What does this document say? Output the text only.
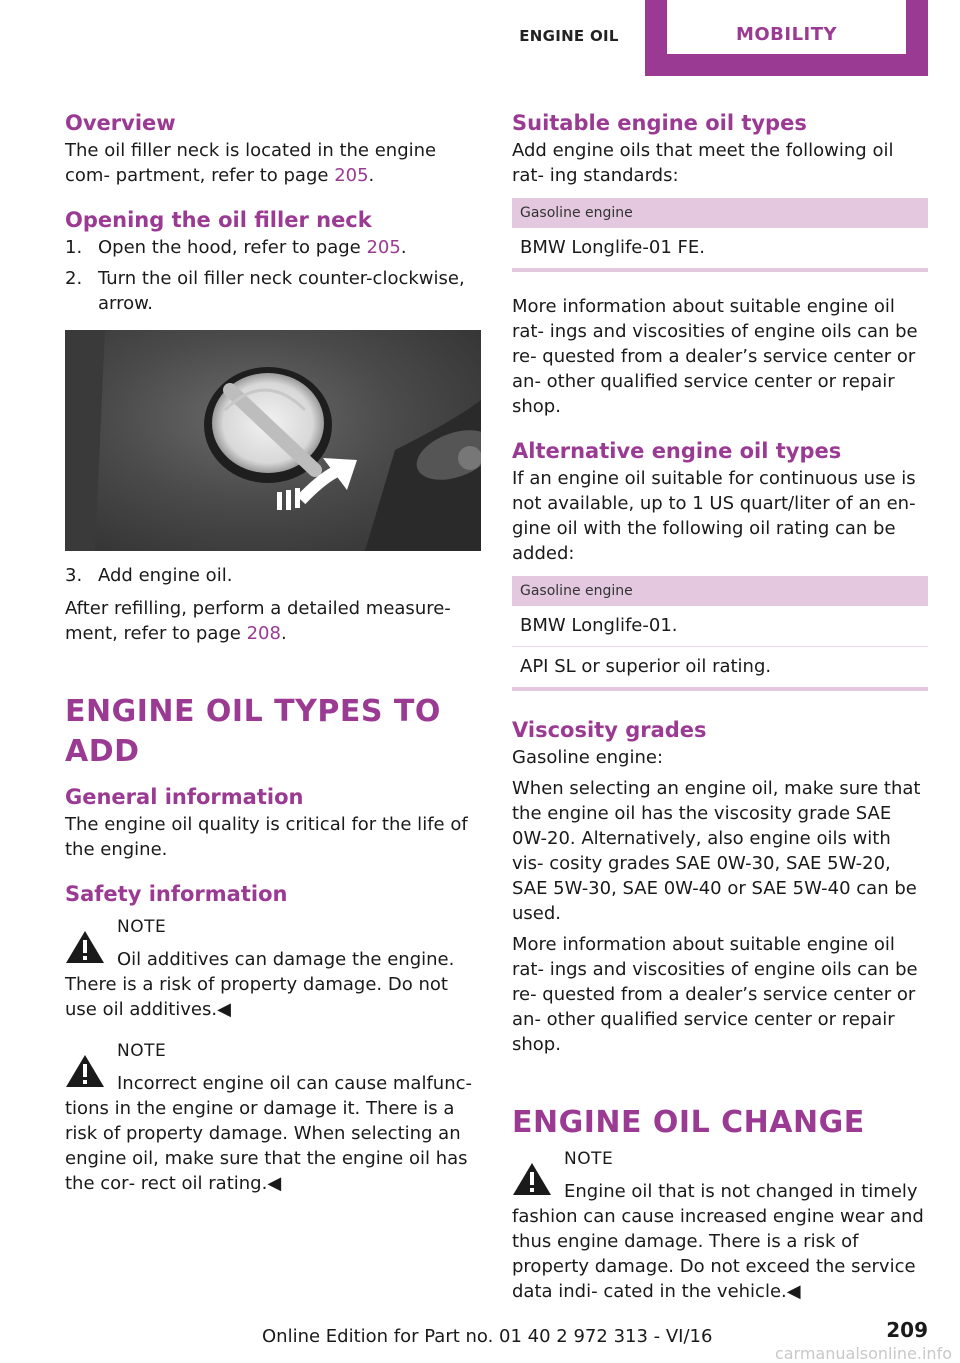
ENGINE OIL	MOBILITY
Overview

The oil filler neck is located in the engine com‐ partment, refer to page 205.

Opening the oil filler neck
1. Open the hood, refer to page 205.
2. Turn the oil filler neck counter-clockwise, arrow.
3. Add engine oil.

After refilling, perform a detailed measure‐ ment, refer to page 208.

ENGINE OIL TYPES TO ADD
General information

The engine oil quality is critical for the life of the engine.

Safety information
NOTE

Oil additives can damage the engine.

There is a risk of property damage. Do not use oil additives.◀

NOTE

Incorrect engine oil can cause malfunc‐

tions in the engine or damage it. There is a risk of property damage. When selecting an engine oil, make sure that the engine oil has the cor‐ rect oil rating.◀

Suitable engine oil types

Add engine oils that meet the following oil rat‐ ing standards:

Gasoline engine
BMW Longlife-01 FE.

More information about suitable engine oil rat‐ ings and viscosities of engine oils can be re‐ quested from a dealer’s service center or an‐ other qualified service center or repair shop.

Alternative engine oil types

If an engine oil suitable for continuous use is not available, up to 1 US quart/liter of an en‐ gine oil with the following oil rating can be added:

Gasoline engine
BMW Longlife-01.
API SL or superior oil rating.
Viscosity grades

Gasoline engine:

When selecting an engine oil, make sure that the engine oil has the viscosity grade SAE 0W-20. Alternatively, also engine oils with vis‐ cosity grades SAE 0W-30, SAE 5W-20, SAE 5W-30, SAE 0W-40 or SAE 5W-40 can be used.

More information about suitable engine oil rat‐ ings and viscosities of engine oils can be re‐ quested from a dealer’s service center or an‐ other qualified service center or repair shop.

ENGINE OIL CHANGE
NOTE

Engine oil that is not changed in timely

fashion can cause increased engine wear and thus engine damage. There is a risk of property damage. Do not exceed the service data indi‐ cated in the vehicle.◀

Online Edition for Part no. 01 40 2 972 313 - VI/16	209
carmanualsonline.info
